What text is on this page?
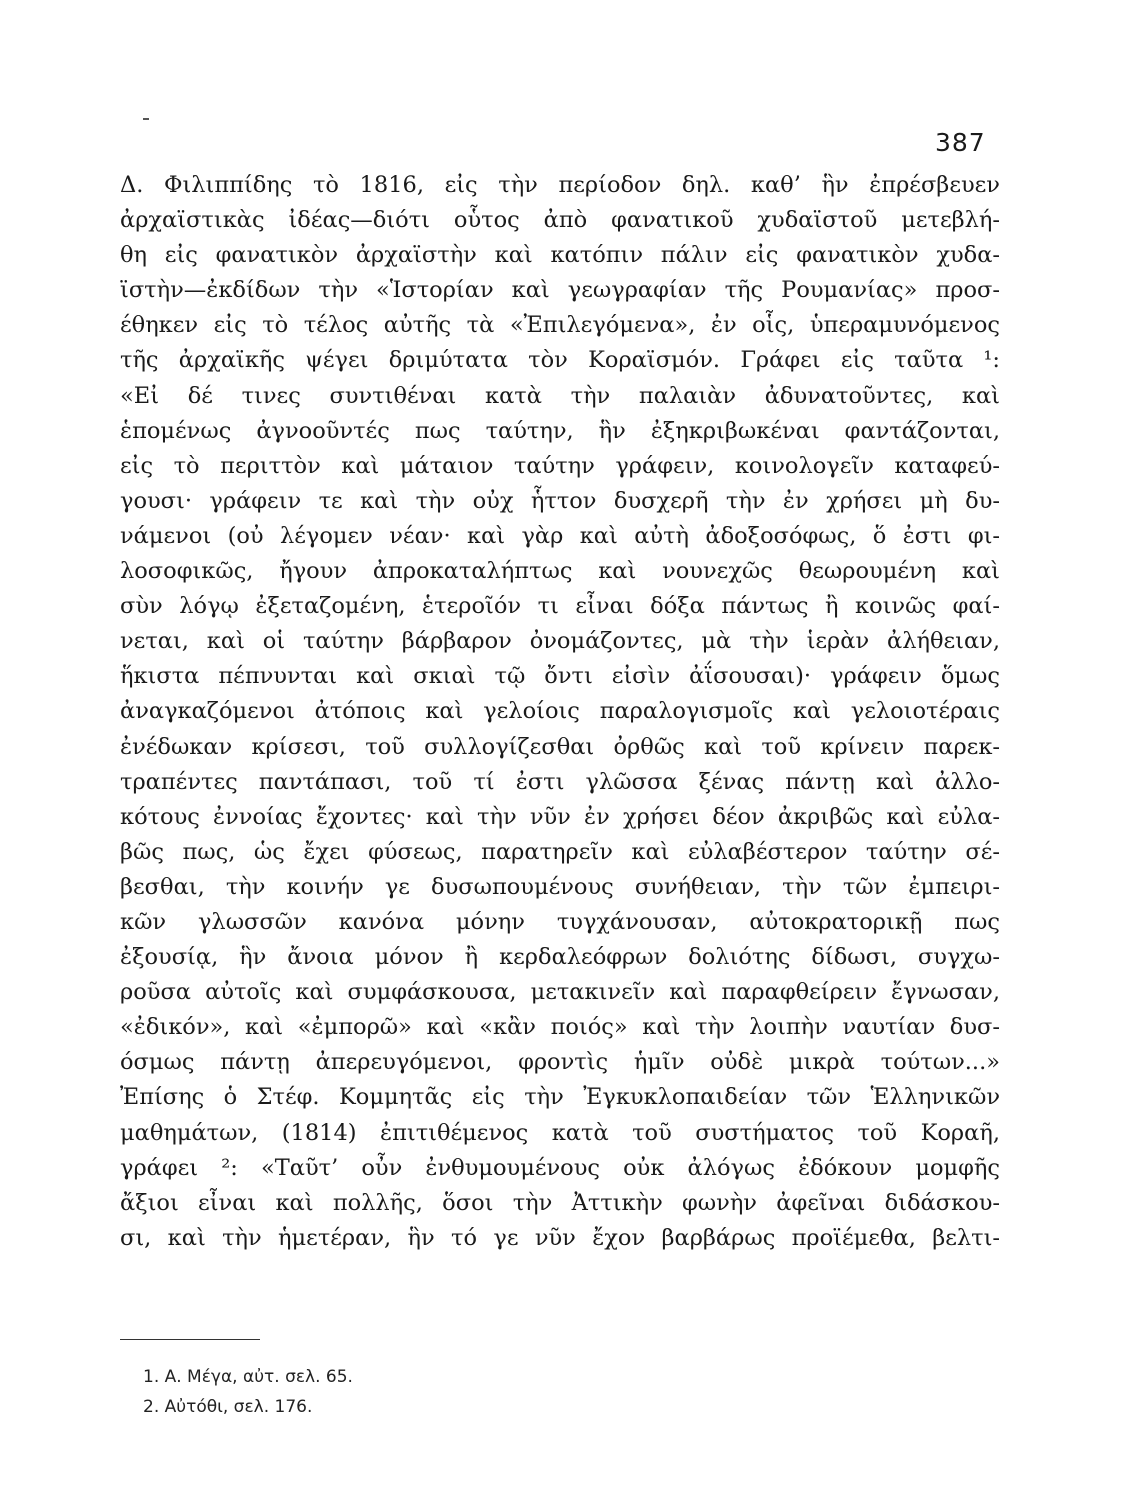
387
Δ. Φιλιππίδης τὸ 1816, εἰς τὴν περίοδον δηλ. καθ’ ἣν ἐπρέσβευεν
ἀρχαϊστικὰς ἰδέας—διότι οὗτος ἀπὸ φανατικοῦ χυδαϊστοῦ μετεβλή-
θη εἰς φανατικὸν ἀρχαϊστὴν καὶ κατόπιν πάλιν εἰς φανατικὸν χυδα-
ϊστὴν—ἐκδίδων τὴν «Ἱστορίαν καὶ γεωγραφίαν τῆς Ρουμανίας» προσ-
έθηκεν εἰς τὸ τέλος αὐτῆς τὰ «Ἐπιλεγόμενα», ἐν οἷς, ὑπεραμυνόμενος
τῆς ἀρχαϊκῆς ψέγει δριμύτατα τὸν Κοραϊσμόν. Γράφει εἰς ταῦτα ¹:
«Εἰ δέ τινες συντιθέναι κατὰ τὴν παλαιὰν ἀδυνατοῦντες, καὶ
ἑπομένως ἀγνοοῦντές πως ταύτην, ἣν ἐξηκριβωκέναι φαντάζονται,
εἰς τὸ περιττὸν καὶ μάταιον ταύτην γράφειν, κοινολογεῖν καταφεύ-
γουσι· γράφειν τε καὶ τὴν οὐχ ἧττον δυσχερῆ τὴν ἐν χρήσει μὴ δυ-
νάμενοι (οὐ λέγομεν νέαν· καὶ γὰρ καὶ αὐτὴ ἀδοξοσόφως, ὅ ἐστι φι-
λοσοφικῶς, ἤγουν ἀπροκαταλήπτως καὶ νουνεχῶς θεωρουμένη καὶ
σὺν λόγῳ ἐξεταζομένη, ἑτεροῖόν τι εἶναι δόξα πάντως ἢ κοινῶς φαί-
νεται, καὶ οἱ ταύτην βάρβαρον ὀνομάζοντες, μὰ τὴν ἱερὰν ἀλήθειαν,
ἥκιστα πέπνυνται καὶ σκιαὶ τῷ ὄντι εἰσὶν ἀΐσουσαι)· γράφειν ὅμως
ἀναγκαζόμενοι ἀτόποις καὶ γελοίοις παραλογισμοῖς καὶ γελοιοτέραις
ἐνέδωκαν κρίσεσι, τοῦ συλλογίζεσθαι ὀρθῶς καὶ τοῦ κρίνειν παρεκ-
τραπέντες παντάπασι, τοῦ τί ἐστι γλῶσσα ξένας πάντῃ καὶ ἀλλο-
κότους ἐννοίας ἔχοντες· καὶ τὴν νῦν ἐν χρήσει δέον ἀκριβῶς καὶ εὐλα-
βῶς πως, ὡς ἔχει φύσεως, παρατηρεῖν καὶ εὐλαβέστερον ταύτην σέ-
βεσθαι, τὴν κοινήν γε δυσωπουμένους συνήθειαν, τὴν τῶν ἐμπειρι-
κῶν γλωσσῶν κανόνα μόνην τυγχάνουσαν, αὐτοκρατορικῇ πως
ἐξουσίᾳ, ἣν ἄνοια μόνον ἢ κερδαλεόφρων δολιότης δίδωσι, συγχω-
ροῦσα αὐτοῖς καὶ συμφάσκουσα, μετακινεῖν καὶ παραφθείρειν ἔγνωσαν,
«ἐδικόν», καὶ «ἐμπορῶ» καὶ «κἂν ποιός» καὶ τὴν λοιπὴν ναυτίαν δυσ-
όσμως πάντῃ ἀπερευγόμενοι, φροντὶς ἡμῖν οὐδὲ μικρὰ τούτων...»
Ἐπίσης ὁ Στέφ. Κομμητᾶς εἰς τὴν Ἐγκυκλοπαιδείαν τῶν Ἑλληνικῶν
μαθημάτων, (1814) ἐπιτιθέμενος κατὰ τοῦ συστήματος τοῦ Κοραῆ,
γράφει ²: «Ταῦτ’ οὖν ἐνθυμουμένους οὐκ ἀλόγως ἐδόκουν μομφῆς
ἄξιοι εἶναι καὶ πολλῆς, ὅσοι τὴν Ἀττικὴν φωνὴν ἀφεῖναι διδάσκου-
σι, καὶ τὴν ἡμετέραν, ἣν τό γε νῦν ἔχον βαρβάρως προϊέμεθα, βελτι-
1. Α. Μέγα, αὐτ. σελ. 65.
2. Αὐτόθι, σελ. 176.
